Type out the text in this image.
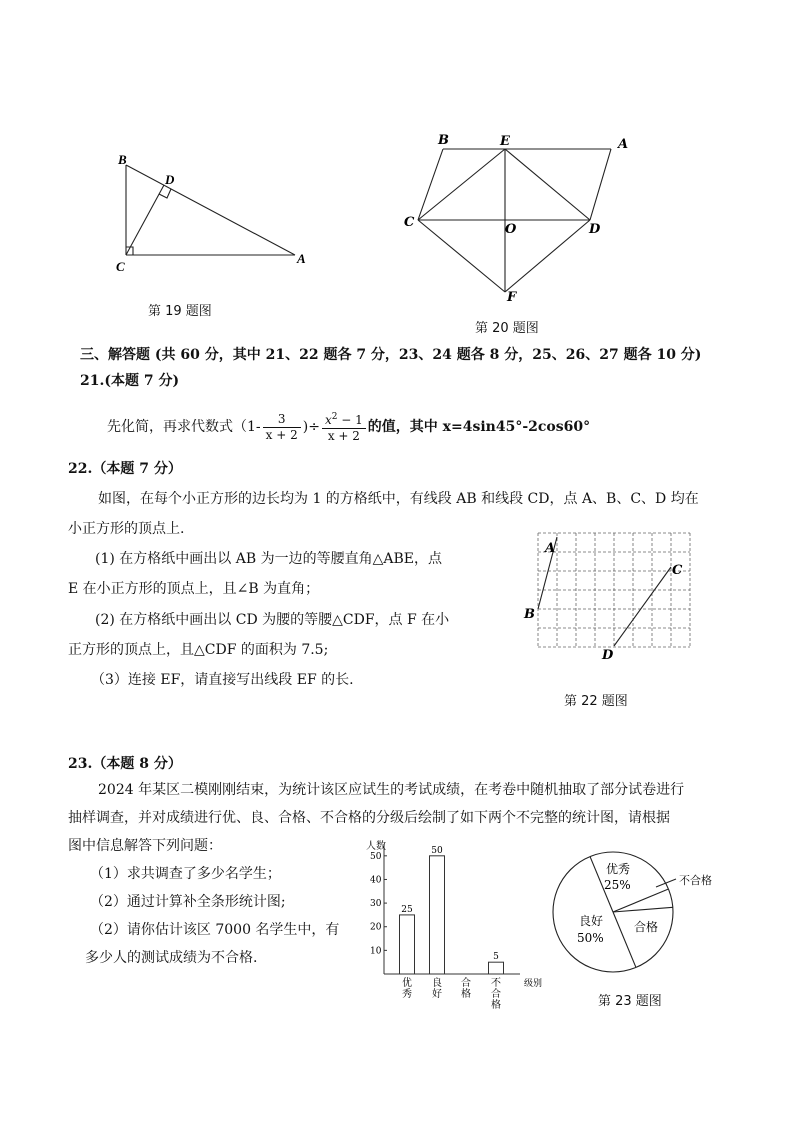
B
D
C
A
第 19 题图
B	E	A
C	O	D
F
第 20 题图
三、解答题 (共 60 分，其中 21、22 题各 7 分，23、24 题各 8 分，25、26、27 题各 10 分)
21.(本题 7 分)
先化简，再求代数式（$1- \frac{3}{x + 2}$ )÷ $\frac{x^2 - 1}{x + 2}$ 的值，其中 x=4sin45°-2cos60°
22.（本题 7 分）
如图，在每个小正方形的边长均为 1 的方格纸中，有线段 AB 和线段 CD，点 A、B、C、D 均在
小正方形的顶点上.
(1) 在方格纸中画出以 AB 为一边的等腰直角△ABE，点
E 在小正方形的顶点上，且∠B 为直角；
(2) 在方格纸中画出以 CD 为腰的等腰△CDF，点 F 在小
正方形的顶点上，且△CDF 的面积为 7.5;
（3）连接 EF，请直接写出线段 EF 的长.
A
B
C
D
第 22 题图
23.（本题 8 分）
2024 年某区二模刚刚结束，为统计该区应试生的考试成绩，在考卷中随机抽取了部分试卷进行
抽样调查，并对成绩进行优、良、合格、不合格的分级后绘制了如下两个不完整的统计图，请根据
图中信息解答下列问题：
（1）求共调查了多少名学生；
（2）通过计算补全条形统计图;
（2）请你估计该区 7000 名学生中，有
多少人的测试成绩为不合格.
人数
级别
10
20
30
40
50
25
50
5
优
秀
良
好
合
格
不
合
格
优秀
25%	不合格
合格
良好
50%
第 23 题图
